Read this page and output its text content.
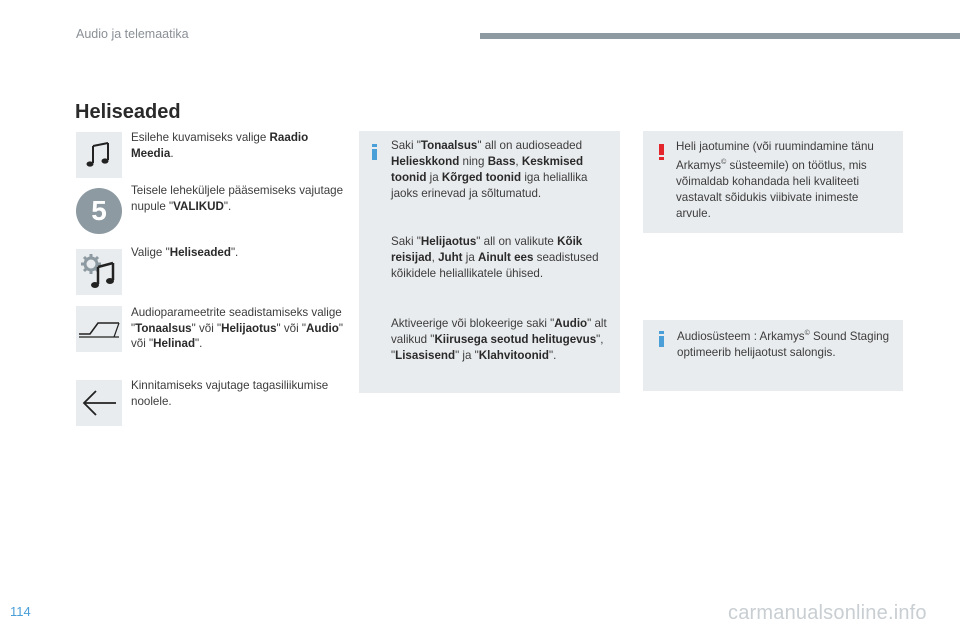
Audio ja telemaatika
Heliseaded
Esilehe kuvamiseks valige Raadio Meedia.
5
Teisele leheküljele pääsemiseks vajutage nupule "VALIKUD".
Valige "Heliseaded".
Audioparameetrite seadistamiseks valige "Tonaalsus" või "Helijaotus" või "Audio" või "Helinad".
Kinnitamiseks vajutage tagasiliikumise noolele.
Saki "Tonaalsus" all on audioseaded Helieskkond ning Bass, Keskmised toonid ja Kõrged toonid iga heliallika jaoks erinevad ja sõltumatud.
Saki "Helijaotus" all on valikute Kõik reisijad, Juht ja Ainult ees seadistused kõikidele heliallikatele ühised.
Aktiveerige või blokeerige saki "Audio" alt valikud "Kiirusega seotud helitugevus", "Lisasisend" ja "Klahvitoonid".
Heli jaotumine (või ruumindamine tänu Arkamys© süsteemile) on töötlus, mis võimaldab kohandada heli kvaliteeti vastavalt sõidukis viibivate inimeste arvule.
Audiosüsteem : Arkamys© Sound Staging optimeerib helijaotust salongis.
114	carmanualsonline.info
